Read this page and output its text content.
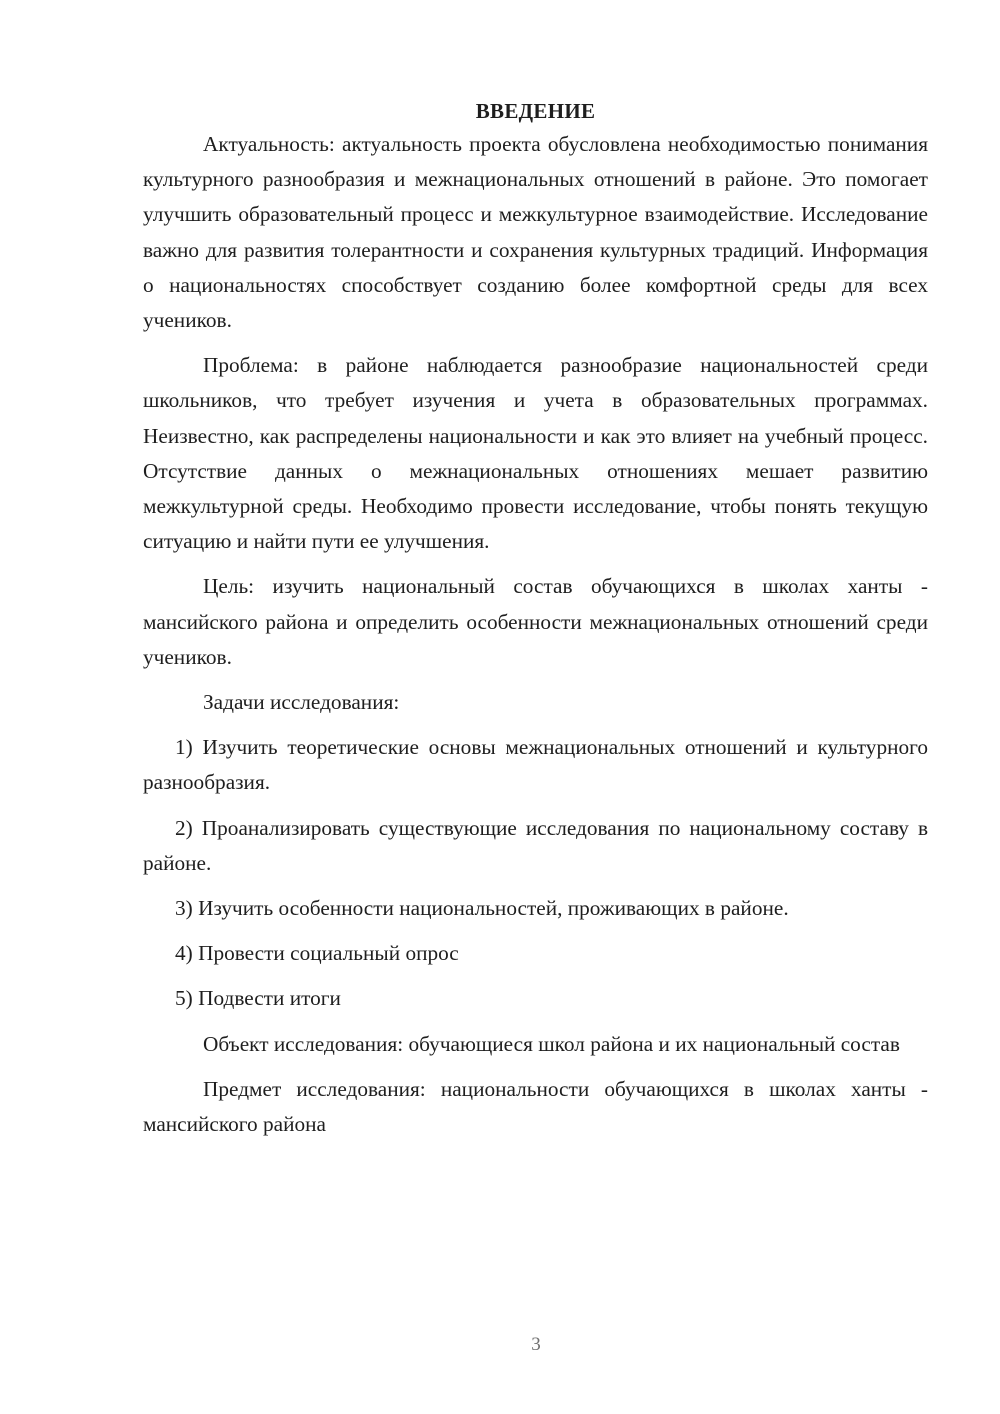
ВВЕДЕНИЕ

Актуальность: актуальность проекта обусловлена необходимостью понимания культурного разнообразия и межнациональных отношений в районе. Это помогает улучшить образовательный процесс и межкультурное взаимодействие. Исследование важно для развития толерантности и сохранения культурных традиций. Информация о национальностях способствует созданию более комфортной среды для всех учеников.

Проблема: в районе наблюдается разнообразие национальностей среди школьников, что требует изучения и учета в образовательных программах. Неизвестно, как распределены национальности и как это влияет на учебный процесс. Отсутствие данных о межнациональных отношениях мешает развитию межкультурной среды. Необходимо провести исследование, чтобы понять текущую ситуацию и найти пути ее улучшения.

Цель: изучить национальный состав обучающихся в школах ханты - мансийского района и определить особенности межнациональных отношений среди учеников.

Задачи исследования:

1) Изучить теоретические основы межнациональных отношений и культурного разнообразия.

2) Проанализировать существующие исследования по национальному составу в районе.

3) Изучить особенности национальностей, проживающих в районе.

4) Провести социальный опрос

5) Подвести итоги

Объект исследования: обучающиеся школ района и их национальный состав

Предмет исследования: национальности обучающихся в школах ханты - мансийского района

3
